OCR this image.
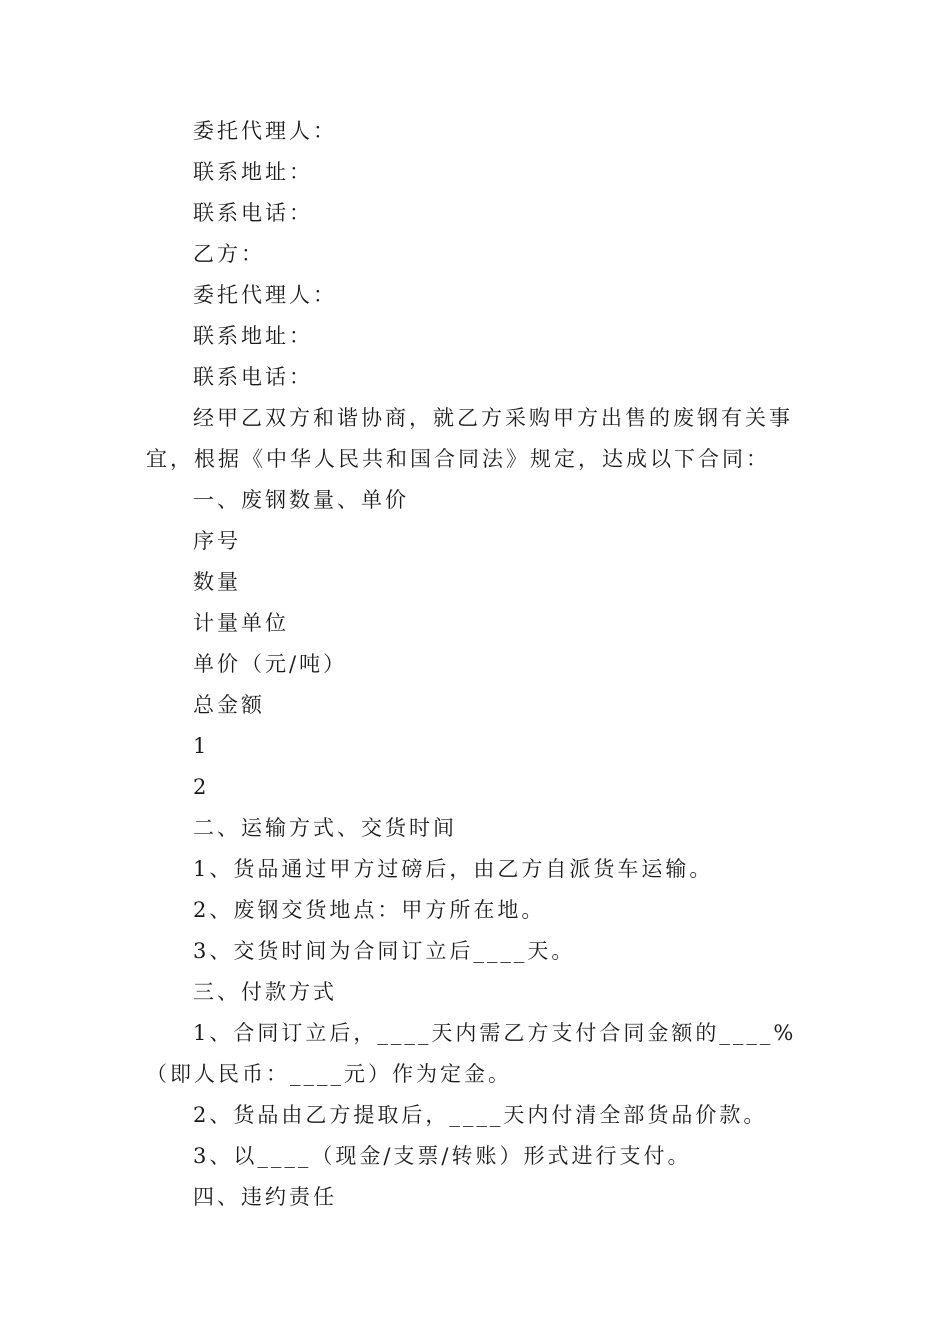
委托代理人：
联系地址：
联系电话：
乙方：
委托代理人：
联系地址：
联系电话：
经甲乙双方和谐协商，就乙方采购甲方出售的废钢有关事
宜，根据《中华人民共和国合同法》规定，达成以下合同：
一、废钢数量、单价
序号
数量
计量单位
单价（元/吨）
总金额
1
2
二、运输方式、交货时间
1、货品通过甲方过磅后，由乙方自派货车运输。
2、废钢交货地点：甲方所在地。
3、交货时间为合同订立后____天。
三、付款方式
1、合同订立后，____天内需乙方支付合同金额的____%
（即人民币：____元）作为定金。
2、货品由乙方提取后，____天内付清全部货品价款。
3、以____（现金/支票/转账）形式进行支付。
四、违约责任
